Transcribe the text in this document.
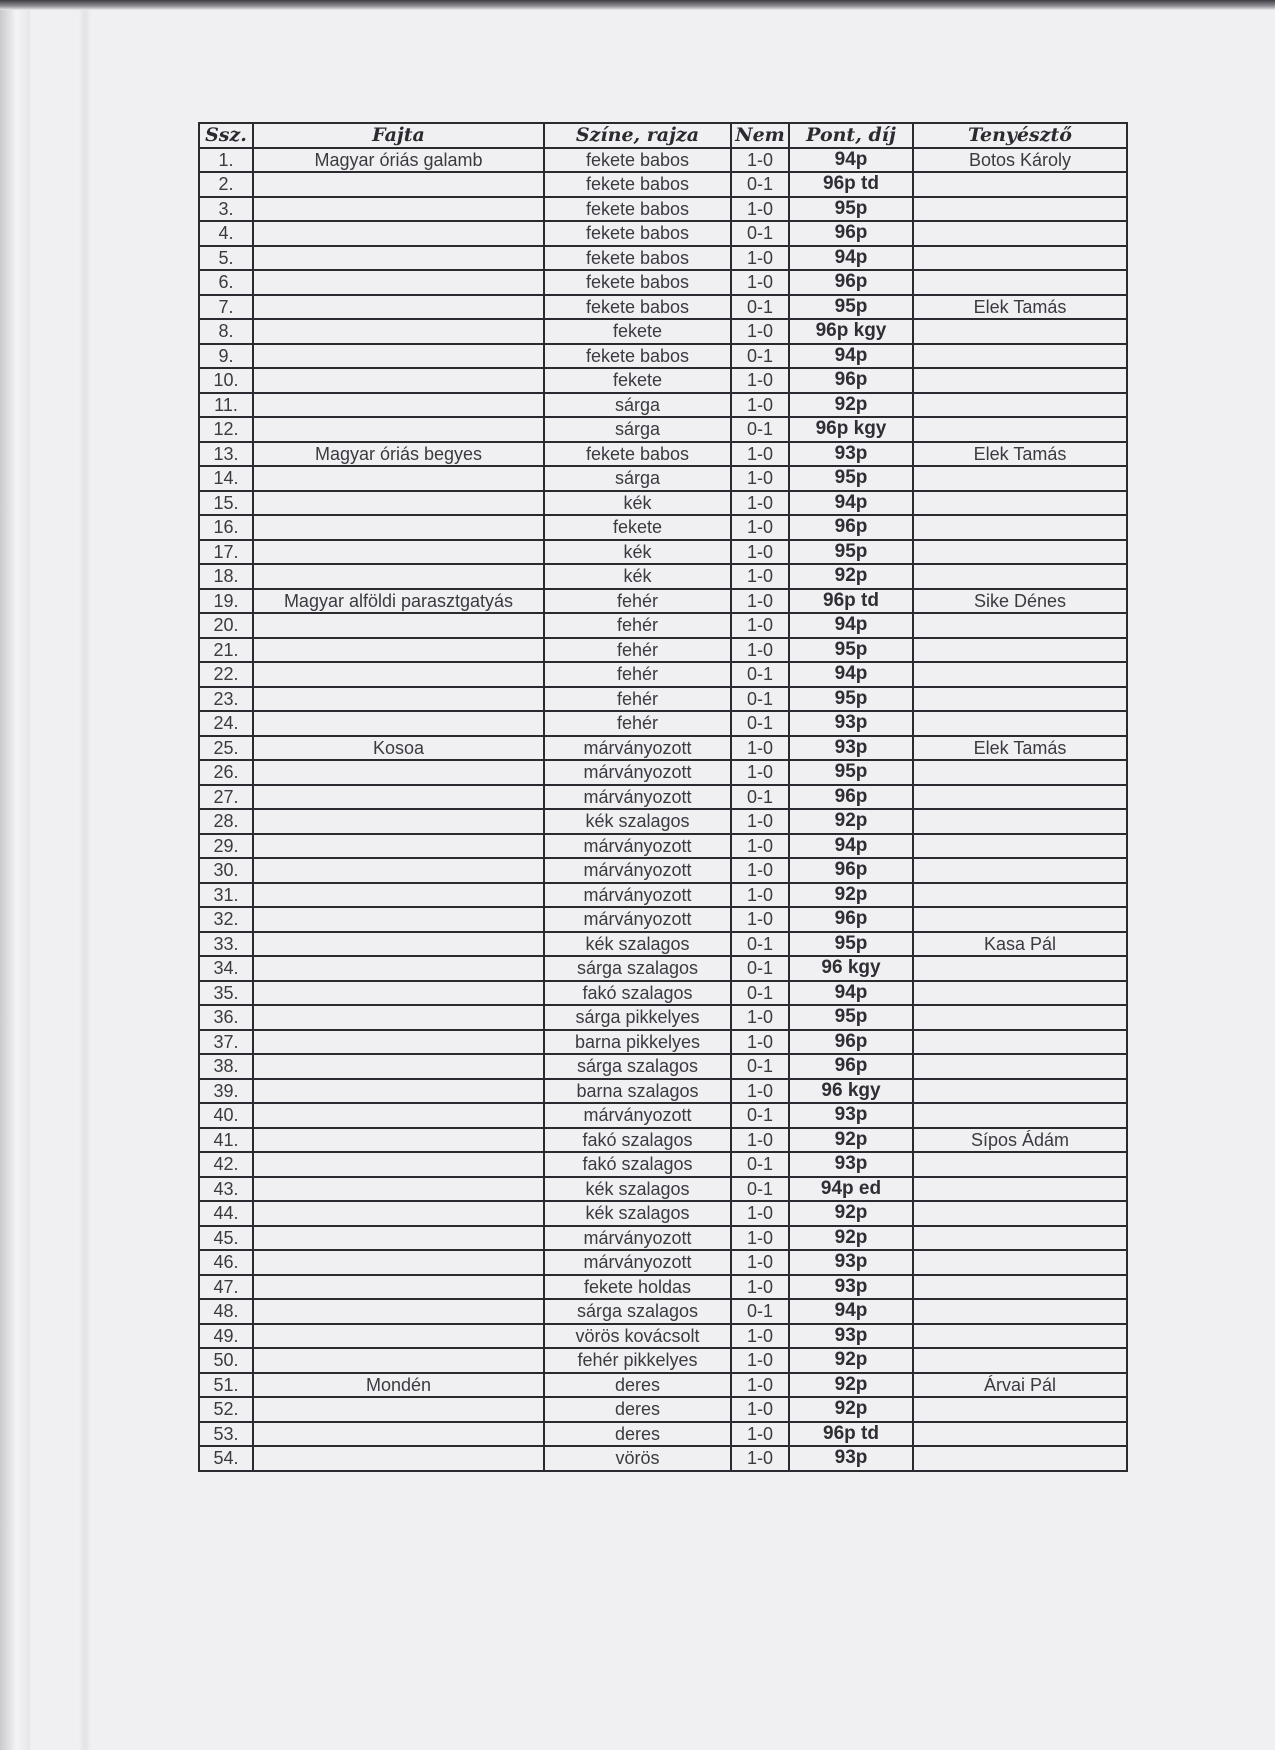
Ssz.	Fajta	Színe, rajza	Nem	Pont, díj	Tenyésztő
1.	Magyar óriás galamb	fekete babos	1-0	94p	Botos Károly
2.		fekete babos	0-1	96p td	
3.		fekete babos	1-0	95p	
4.		fekete babos	0-1	96p	
5.		fekete babos	1-0	94p	
6.		fekete babos	1-0	96p	
7.		fekete babos	0-1	95p	Elek Tamás
8.		fekete	1-0	96p kgy	
9.		fekete babos	0-1	94p	
10.		fekete	1-0	96p	
11.		sárga	1-0	92p	
12.		sárga	0-1	96p kgy	
13.	Magyar óriás begyes	fekete babos	1-0	93p	Elek Tamás
14.		sárga	1-0	95p	
15.		kék	1-0	94p	
16.		fekete	1-0	96p	
17.		kék	1-0	95p	
18.		kék	1-0	92p	
19.	Magyar alföldi parasztgatyás	fehér	1-0	96p td	Sike Dénes
20.		fehér	1-0	94p	
21.		fehér	1-0	95p	
22.		fehér	0-1	94p	
23.		fehér	0-1	95p	
24.		fehér	0-1	93p	
25.	Kosoa	márványozott	1-0	93p	Elek Tamás
26.		márványozott	1-0	95p	
27.		márványozott	0-1	96p	
28.		kék szalagos	1-0	92p	
29.		márványozott	1-0	94p	
30.		márványozott	1-0	96p	
31.		márványozott	1-0	92p	
32.		márványozott	1-0	96p	
33.		kék szalagos	0-1	95p	Kasa Pál
34.		sárga szalagos	0-1	96 kgy	
35.		fakó szalagos	0-1	94p	
36.		sárga pikkelyes	1-0	95p	
37.		barna pikkelyes	1-0	96p	
38.		sárga szalagos	0-1	96p	
39.		barna szalagos	1-0	96 kgy	
40.		márványozott	0-1	93p	
41.		fakó szalagos	1-0	92p	Sípos Ádám
42.		fakó szalagos	0-1	93p	
43.		kék szalagos	0-1	94p ed	
44.		kék szalagos	1-0	92p	
45.		márványozott	1-0	92p	
46.		márványozott	1-0	93p	
47.		fekete holdas	1-0	93p	
48.		sárga szalagos	0-1	94p	
49.		vörös kovácsolt	1-0	93p	
50.		fehér pikkelyes	1-0	92p	
51.	Mondén	deres	1-0	92p	Árvai Pál
52.		deres	1-0	92p	
53.		deres	1-0	96p td	
54.		vörös	1-0	93p	
